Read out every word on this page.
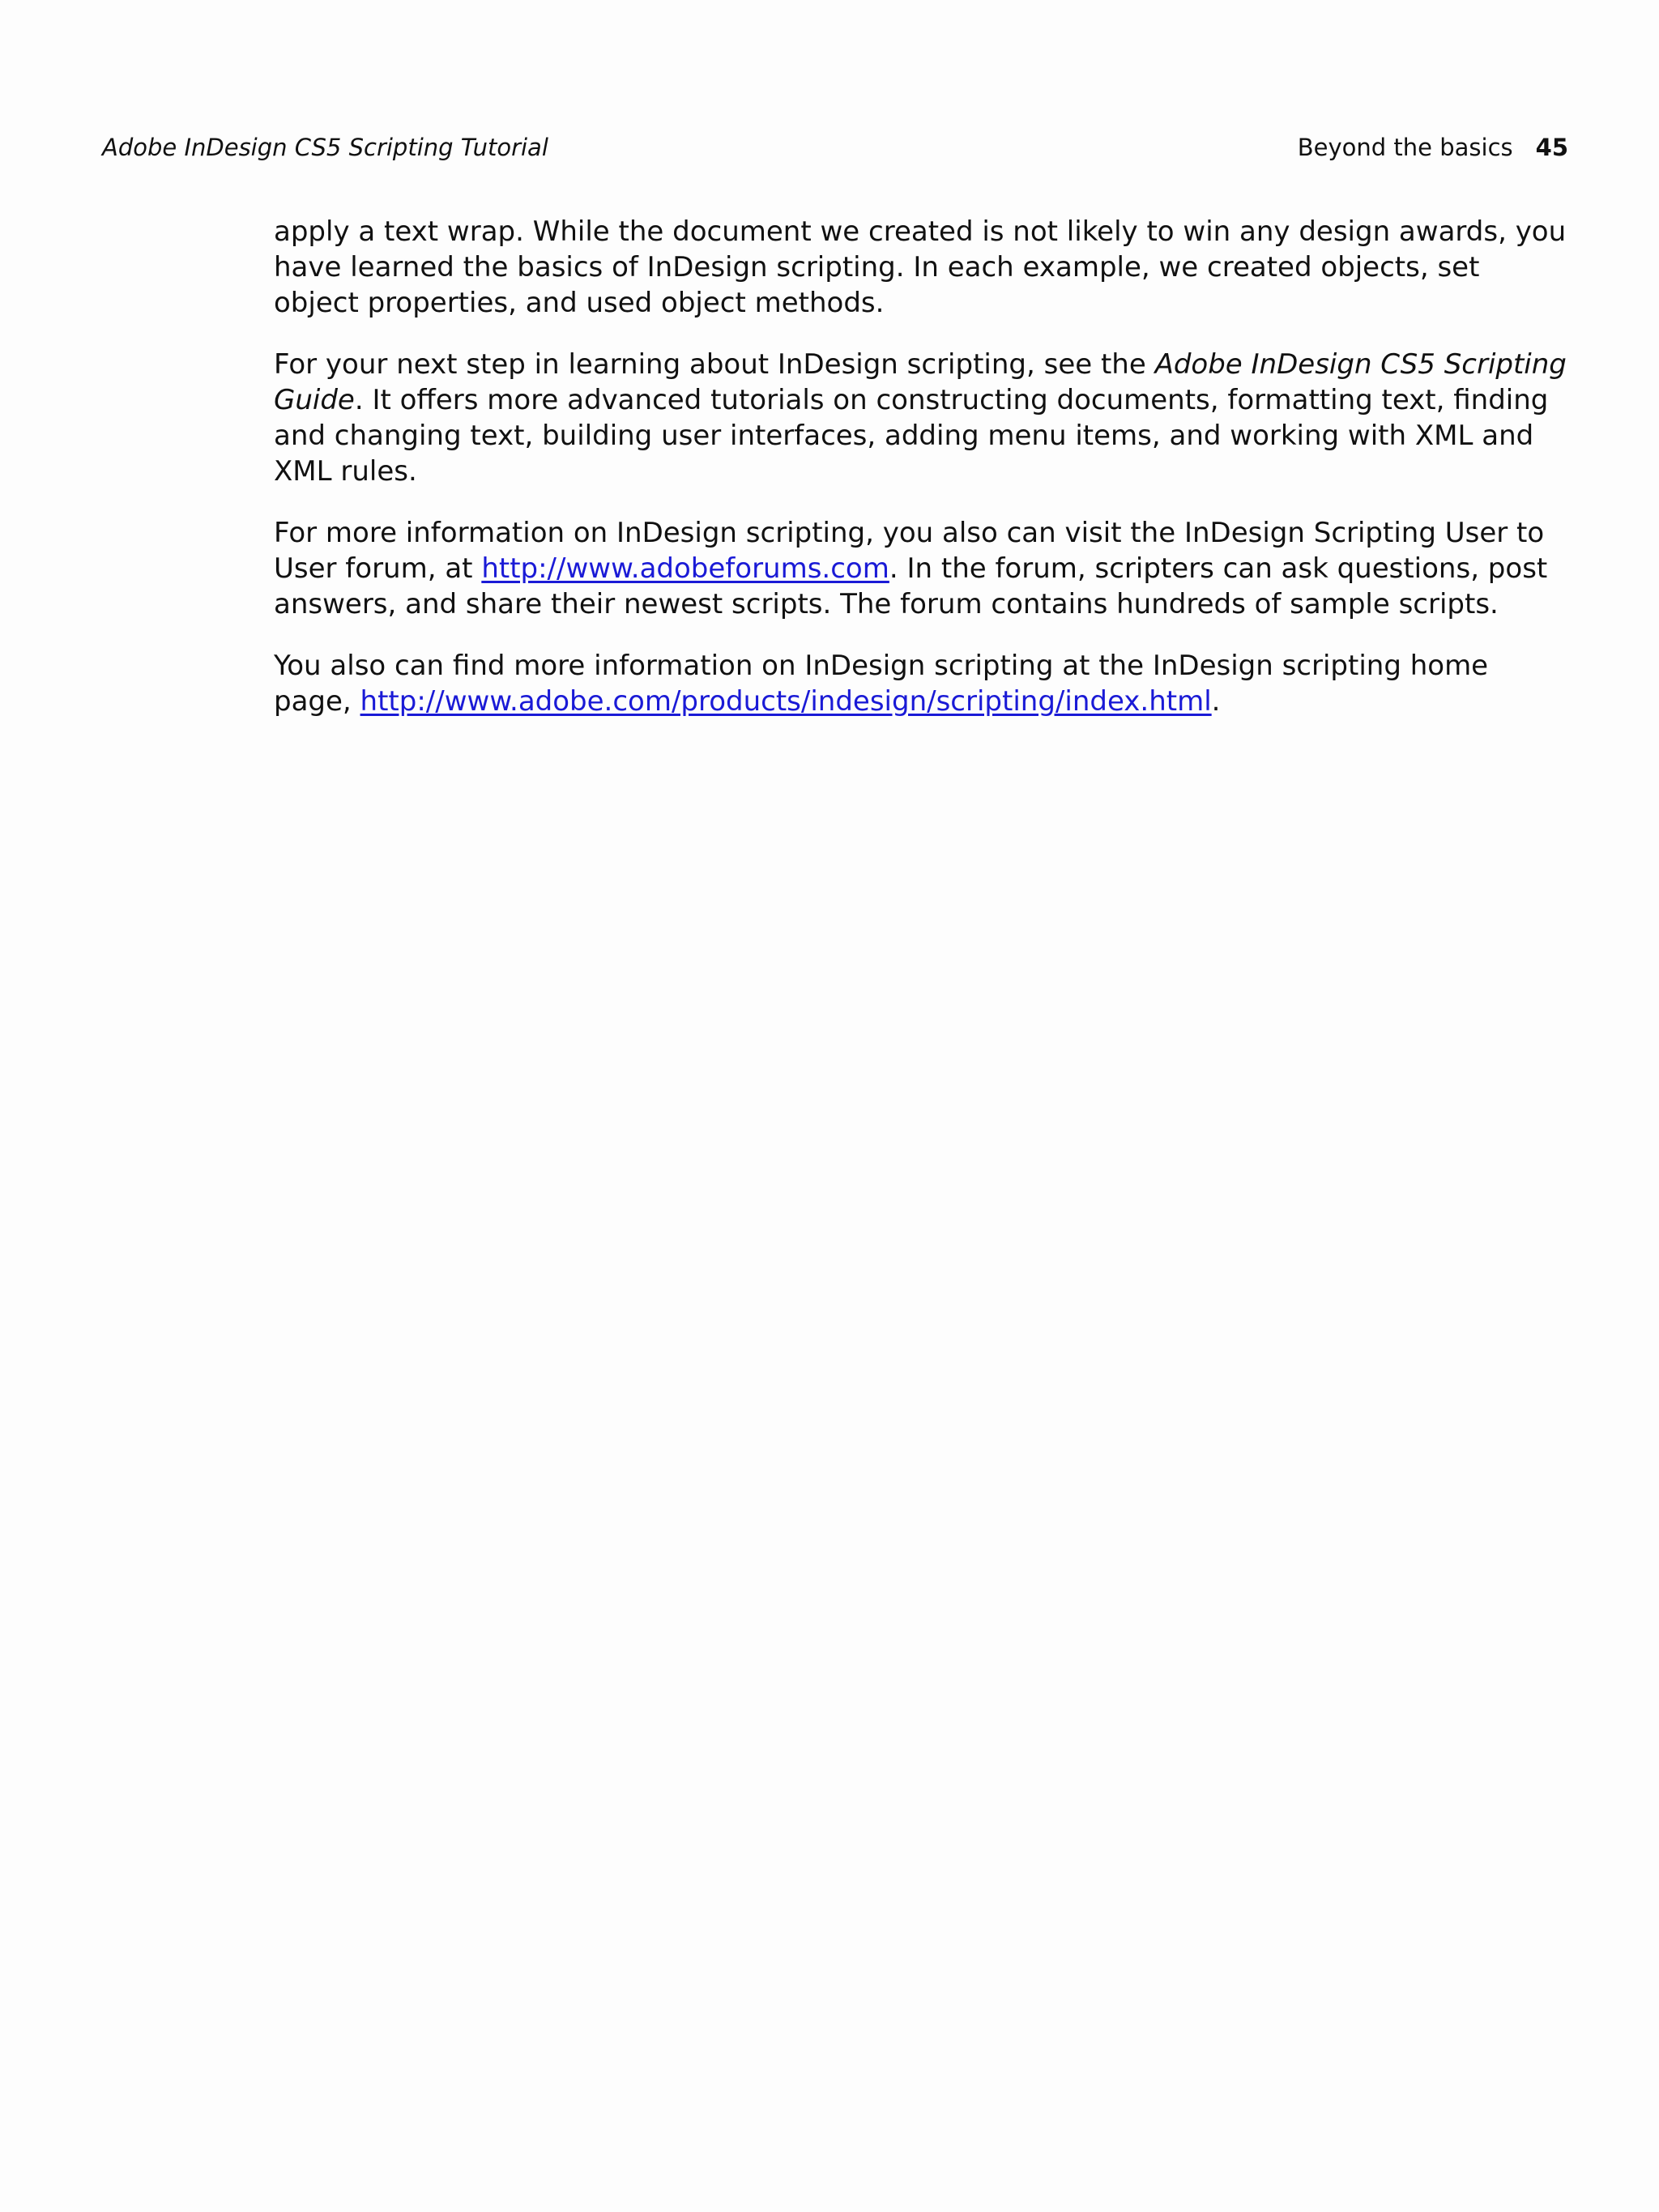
Adobe InDesign CS5 Scripting Tutorial	Beyond the basics 45

apply a text wrap. While the document we created is not likely to win any design awards, you have learned the basics of InDesign scripting. In each example, we created objects, set object properties, and used object methods.

For your next step in learning about InDesign scripting, see the Adobe InDesign CS5 Scripting Guide. It offers more advanced tutorials on constructing documents, formatting text, finding and changing text, building user interfaces, adding menu items, and working with XML and XML rules.

For more information on InDesign scripting, you also can visit the InDesign Scripting User to User forum, at http://www.adobeforums.com. In the forum, scripters can ask questions, post answers, and share their newest scripts. The forum contains hundreds of sample scripts.

You also can find more information on InDesign scripting at the InDesign scripting home page, http://www.adobe.com/products/indesign/scripting/index.html.
